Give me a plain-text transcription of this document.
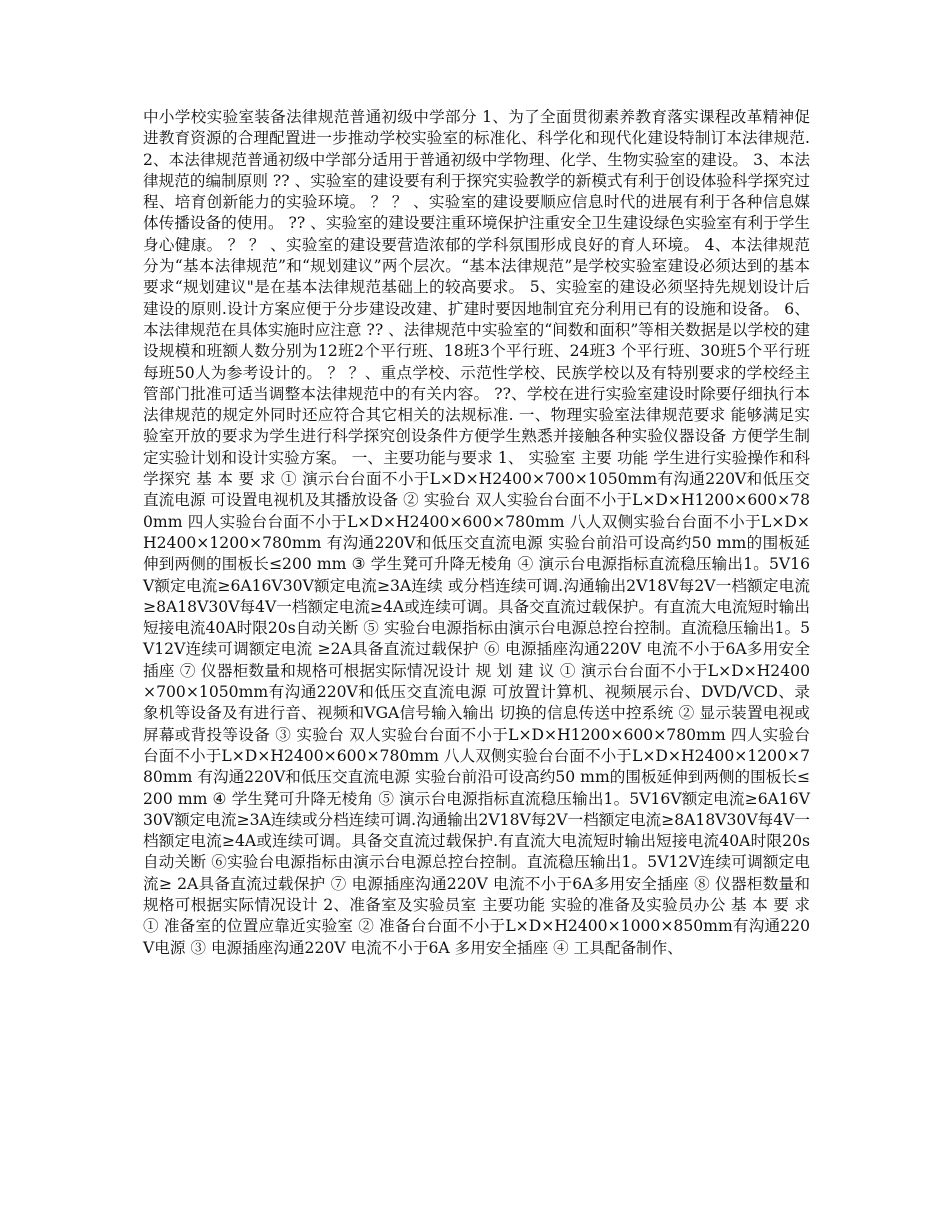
中小学校实验室装备法律规范普通初级中学部分 1、为了全面贯彻素养教育落实课程改革精神促进教育资源的合理配置进一步推动学校实验室的标准化、科学化和现代化建设特制订本法律规范. 2、本法律规范普通初级中学部分适用于普通初级中学物理、化学、生物实验室的建设。 3、本法律规范的编制原则 ?? 、实验室的建设要有利于探究实验教学的新模式有利于创设体验科学探究过程、培育创新能力的实验环境。 ？ ？ 、实验室的建设要顺应信息时代的进展有利于各种信息媒体传播设备的使用。 ?? 、实验室的建设要注重环境保护注重安全卫生建设绿色实验室有利于学生身心健康。 ？ ？ 、实验室的建设要营造浓郁的学科氛围形成良好的育人环境。 4、本法律规范分为“基本法律规范”和“规划建议”两个层次。“基本法律规范”是学校实验室建设必须达到的基本要求“规划建议"是在基本法律规范基础上的较高要求。 5、实验室的建设必须坚持先规划设计后建设的原则.设计方案应便于分步建设改建、扩建时要因地制宜充分利用已有的设施和设备。 6、本法律规范在具体实施时应注意 ?? 、法律规范中实验室的“间数和面积”等相关数据是以学校的建设规模和班额人数分别为12班2个平行班、18班3个平行班、24班3 个平行班、30班5个平行班每班50人为参考设计的。 ？ ？、重点学校、示范性学校、民族学校以及有特别要求的学校经主管部门批准可适当调整本法律规范中的有关内容。 ??、学校在进行实验室建设时除要仔细执行本法律规范的规定外同时还应符合其它相关的法规标准. 一、物理实验室法律规范要求 能够满足实验室开放的要求为学生进行科学探究创设条件方便学生熟悉并接触各种实验仪器设备 方便学生制定实验计划和设计实验方案。 一、主要功能与要求 1、 实验室 主要 功能 学生进行实验操作和科学探究 基 本 要 求 ① 演示台台面不小于L×D×H2400×700×1050mm有沟通220V和低压交直流电源 可设置电视机及其播放设备 ② 实验台 双人实验台台面不小于L×D×H1200×600×780mm 四人实验台台面不小于L×D×H2400×600×780mm 八人双侧实验台台面不小于L×D×H2400×1200×780mm 有沟通220V和低压交直流电源 实验台前沿可设高约50 mm的围板延伸到两侧的围板长≤200 mm ③ 学生凳可升降无棱角 ④ 演示台电源指标直流稳压输出1。5V16V额定电流≥6A16V30V额定电流≥3A连续 或分档连续可调.沟通输出2V18V每2V一档额定电流≥8A18V30V每4V一档额定电流≥4A或连续可调。具备交直流过载保护。有直流大电流短时输出短接电流40A时限20s自动关断 ⑤ 实验台电源指标由演示台电源总控台控制。直流稳压输出1。5V12V连续可调额定电流 ≥2A具备直流过载保护 ⑥ 电源插座沟通220V 电流不小于6A多用安全插座 ⑦ 仪器柜数量和规格可根据实际情况设计 规 划 建 议 ① 演示台台面不小于L×D×H2400×700×1050mm有沟通220V和低压交直流电源 可放置计算机、视频展示台、DVD/VCD、录象机等设备及有进行音、视频和VGA信号输入输出 切换的信息传送中控系统 ② 显示装置电视或屏幕或背投等设备 ③ 实验台 双人实验台台面不小于L×D×H1200×600×780mm 四人实验台台面不小于L×D×H2400×600×780mm 八人双侧实验台台面不小于L×D×H2400×1200×780mm 有沟通220V和低压交直流电源 实验台前沿可设高约50 mm的围板延伸到两侧的围板长≤200 mm ④ 学生凳可升降无棱角 ⑤ 演示台电源指标直流稳压输出1。5V16V额定电流≥6A16V30V额定电流≥3A连续或分档连续可调.沟通输出2V18V每2V一档额定电流≥8A18V30V每4V一档额定电流≥4A或连续可调。具备交直流过载保护.有直流大电流短时输出短接电流40A时限20s自动关断 ⑥实验台电源指标由演示台电源总控台控制。直流稳压输出1。5V12V连续可调额定电流≥ 2A具备直流过载保护 ⑦ 电源插座沟通220V 电流不小于6A多用安全插座 ⑧ 仪器柜数量和规格可根据实际情况设计 2、准备室及实验员室 主要功能 实验的准备及实验员办公 基 本 要 求 ① 准备室的位置应靠近实验室 ② 准备台台面不小于L×D×H2400×1000×850mm有沟通220V电源 ③ 电源插座沟通220V 电流不小于6A 多用安全插座 ④ 工具配备制作、
